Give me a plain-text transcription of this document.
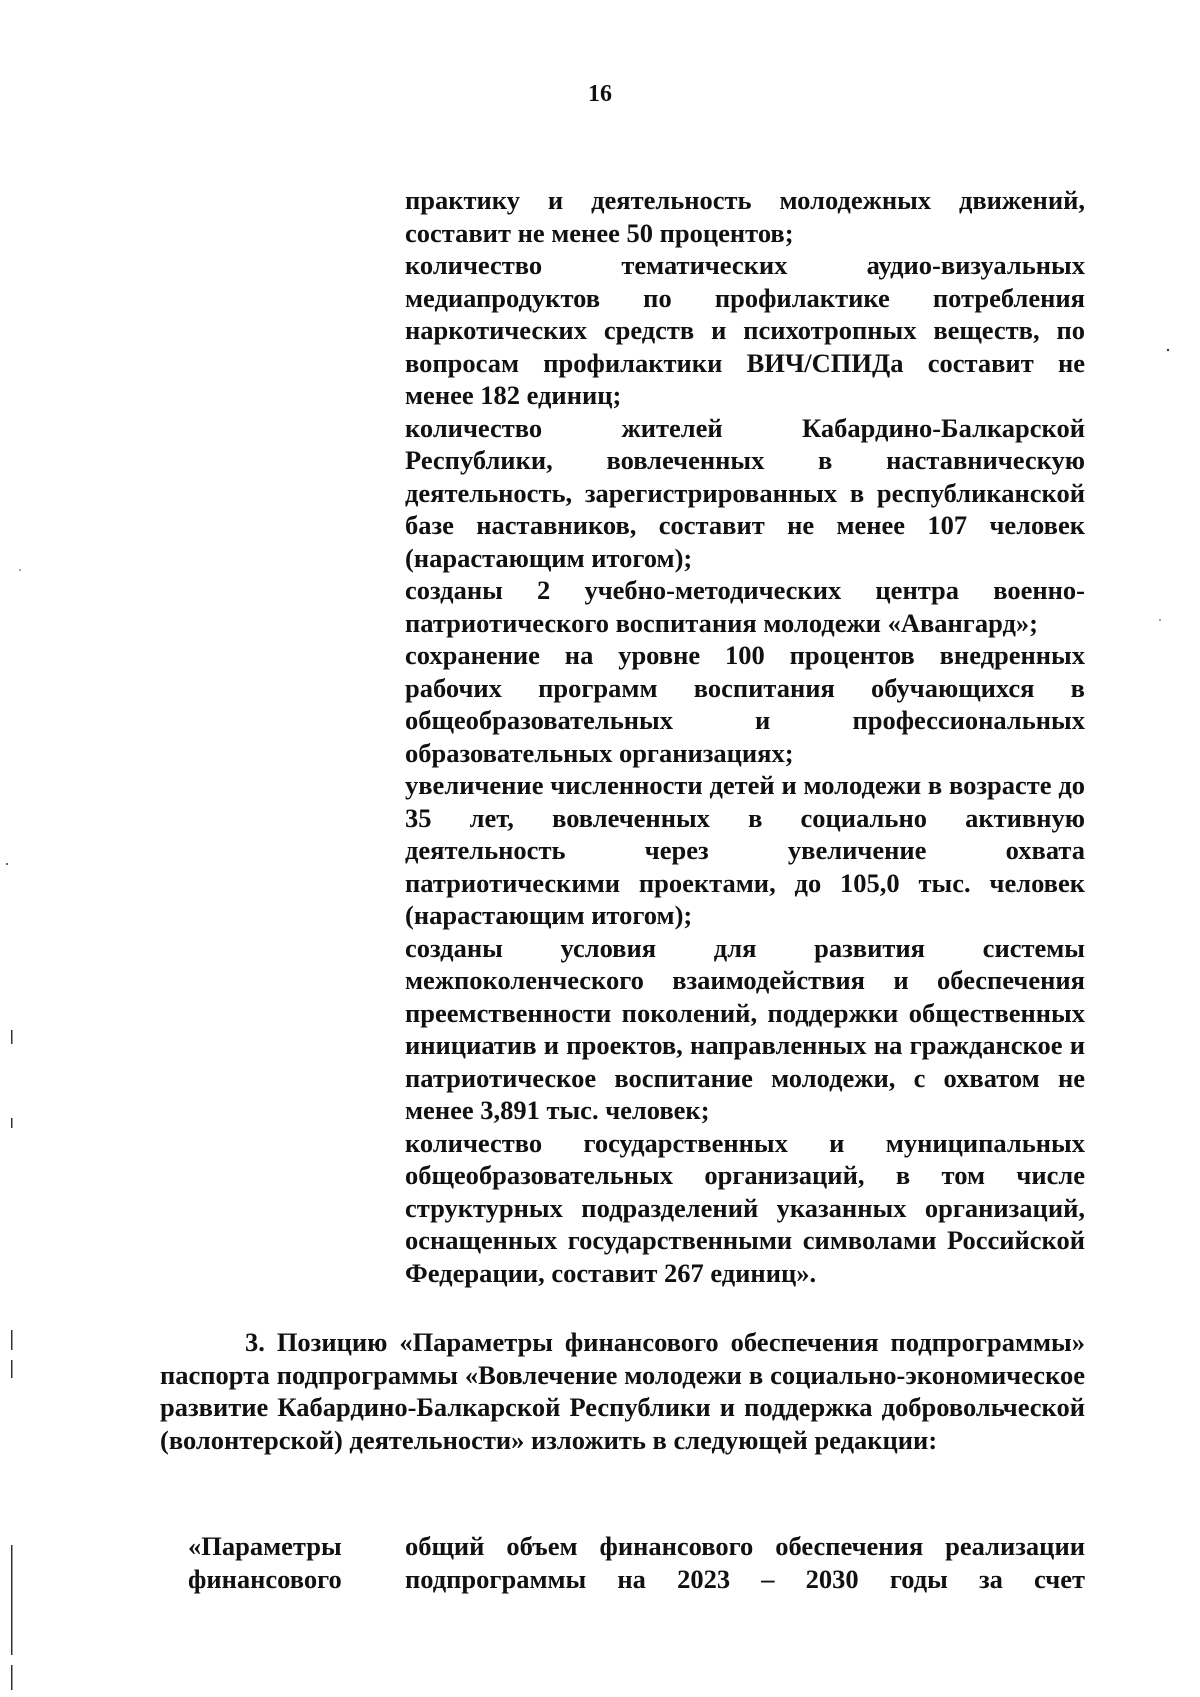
16

практику и деятельность молодежных движений, составит не менее 50 процентов;

количество тематических аудио-визуальных медиапродуктов по профилактике потребления наркотических средств и психотропных веществ, по вопросам профилактики ВИЧ/СПИДа составит не менее 182 единиц;

количество жителей Кабардино-Балкарской Республики, вовлеченных в наставническую деятельность, зарегистрированных в республиканской базе наставников, составит не менее 107 человек (нарастающим итогом);

созданы 2 учебно-методических центра военно-патриотического воспитания молодежи «Авангард»;

сохранение на уровне 100 процентов внедренных рабочих программ воспитания обучающихся в общеобразовательных и профессиональных образовательных организациях;

увеличение численности детей и молодежи в возрасте до 35 лет, вовлеченных в социально активную деятельность через увеличение охвата патриотическими проектами, до 105,0 тыс. человек (нарастающим итогом);

созданы условия для развития системы межпоколенческого взаимодействия и обеспечения преемственности поколений, поддержки общественных инициатив и проектов, направленных на гражданское и патриотическое воспитание молодежи, с охватом не менее 3,891 тыс. человек;

количество государственных и муниципальных общеобразовательных организаций, в том числе структурных подразделений указанных организаций, оснащенных государственными символами Российской Федерации, составит 267 единиц».

3. Позицию «Параметры финансового обеспечения подпрограммы» паспорта подпрограммы «Вовлечение молодежи в социально-экономическое развитие Кабардино-Балкарской Республики и поддержка добровольческой (волонтерской) деятельности» изложить в следующей редакции:

«Параметры
финансового
общий объем финансового обеспечения реализации
подпрограммы на 2023 – 2030 годы за счет
